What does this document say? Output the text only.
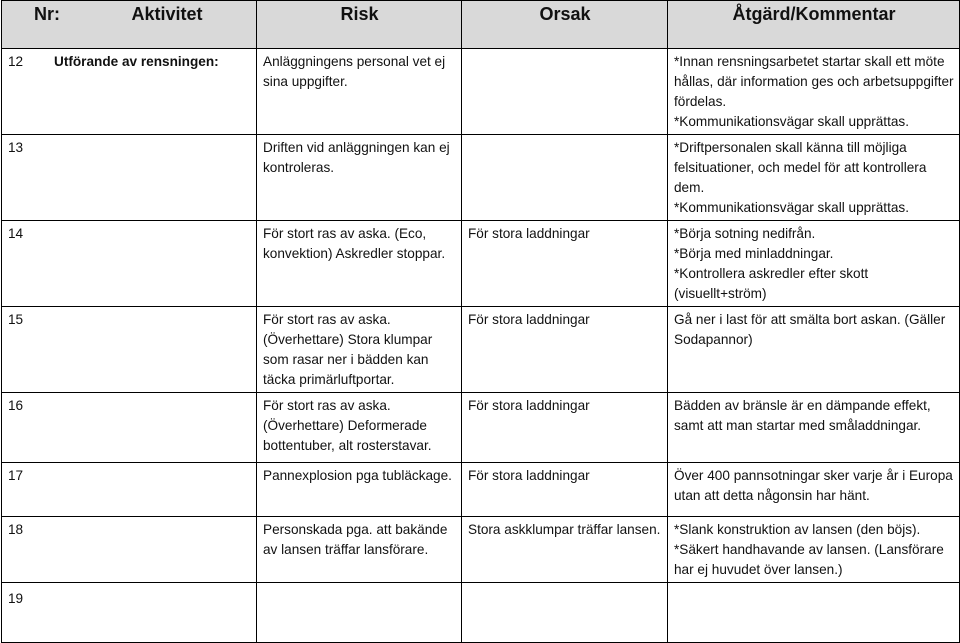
Nr: Aktivitet	Risk	Orsak	Åtgärd/Kommentar
12 Utförande av rensningen:	Anläggningens personal vet ej sina uppgifter.		*Innan rensningsarbetet startar skall ett möte hållas, där information ges och arbetsuppgifter fördelas.
*Kommunikationsvägar skall upprättas.
13	Driften vid anläggningen kan ej kontroleras.		*Driftpersonalen skall känna till möjliga felsituationer, och medel för att kontrollera dem.
*Kommunikationsvägar skall upprättas.
14	För stort ras av aska. (Eco, konvektion) Askredler stoppar.	För stora laddningar	*Börja sotning nedifrån.
*Börja med minladdningar.
*Kontrollera askredler efter skott (visuellt+ström)
15	För stort ras av aska. (Överhettare) Stora klumpar som rasar ner i bädden kan täcka primärluftportar.	För stora laddningar	Gå ner i last för att smälta bort askan. (Gäller Sodapannor)
16	För stort ras av aska. (Överhettare) Deformerade bottentuber, alt rosterstavar.	För stora laddningar	Bädden av bränsle är en dämpande effekt, samt att man startar med småladdningar.
17	Pannexplosion pga tubläckage.	För stora laddningar	Över 400 pannsotningar sker varje år i Europa utan att detta någonsin har hänt.
18	Personskada pga. att bakände av lansen träffar lansförare.	Stora askklumpar träffar lansen.	*Slank konstruktion av lansen (den böjs).
*Säkert handhavande av lansen. (Lansförare har ej huvudet över lansen.)
19			
